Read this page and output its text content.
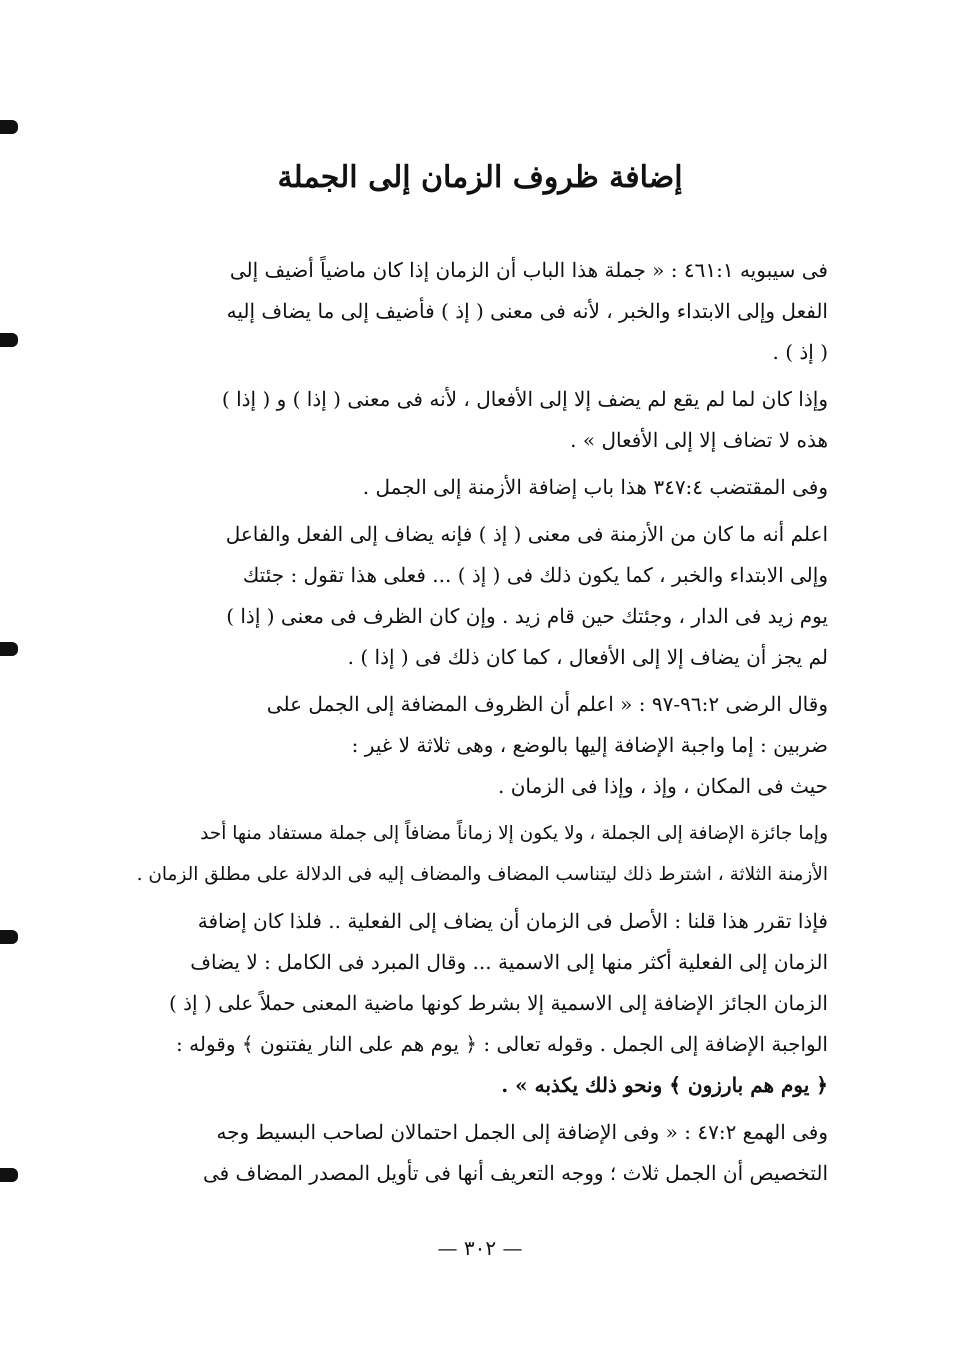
إضافة ظروف الزمان إلى الجملة

فى سيبويه ٤٦١:١ : « جملة هذا الباب أن الزمان إذا كان ماضياً أضيف إلى
الفعل وإلى الابتداء والخبر ، لأنه فى معنى ( إذ ) فأضيف إلى ما يضاف إليه
( إذ ) .

وإذا كان لما لم يقع لم يضف إلا إلى الأفعال ، لأنه فى معنى ( إذا ) و ( إذا )
هذه لا تضاف إلا إلى الأفعال » .

وفى المقتضب ٣٤٧:٤ هذا باب إضافة الأزمنة إلى الجمل .

اعلم أنه ما كان من الأزمنة فى معنى ( إذ ) فإنه يضاف إلى الفعل والفاعل
وإلى الابتداء والخبر ، كما يكون ذلك فى ( إذ ) ... فعلى هذا تقول : جئتك
يوم زيد فى الدار ، وجئتك حين قام زيد . وإن كان الظرف فى معنى ( إذا )
لم يجز أن يضاف إلا إلى الأفعال ، كما كان ذلك فى ( إذا ) .

وقال الرضى ٩٦:٢-٩٧ : « اعلم أن الظروف المضافة إلى الجمل على
ضربين : إما واجبة الإضافة إليها بالوضع ، وهى ثلاثة لا غير :
حيث فى المكان ، وإذ ، وإذا فى الزمان .

وإما جائزة الإضافة إلى الجملة ، ولا يكون إلا زماناً مضافاً إلى جملة مستفاد منها أحد
الأزمنة الثلاثة ، اشترط ذلك ليتناسب المضاف والمضاف إليه فى الدلالة على مطلق الزمان .

فإذا تقرر هذا قلنا : الأصل فى الزمان أن يضاف إلى الفعلية .. فلذا كان إضافة
الزمان إلى الفعلية أكثر منها إلى الاسمية ... وقال المبرد فى الكامل : لا يضاف
الزمان الجائز الإضافة إلى الاسمية إلا بشرط كونها ماضية المعنى حملاً على ( إذ )
الواجبة الإضافة إلى الجمل . وقوله تعالى : ﴿ يوم هم على النار يفتنون ﴾ وقوله :
﴿ يوم هم بارزون ﴾ ونحو ذلك يكذبه » .

وفى الهمع ٤٧:٢ : « وفى الإضافة إلى الجمل احتمالان لصاحب البسيط وجه
التخصيص أن الجمل ثلاث ؛ ووجه التعريف أنها فى تأويل المصدر المضاف فى

— ٣٠٢ —
